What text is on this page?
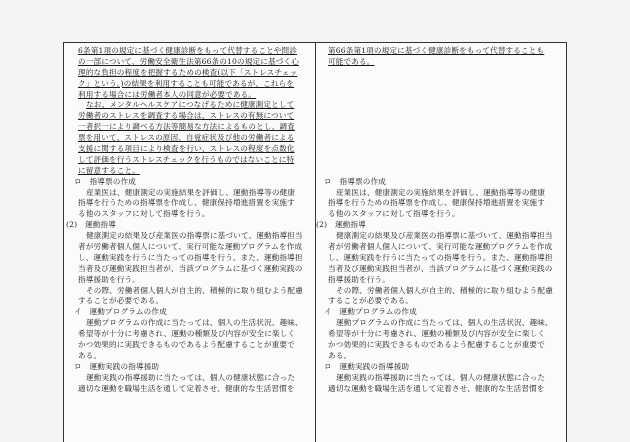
6条第1項の規定に基づく健康診断をもって代替することや問診
の一部について、労働安全衛生法第66条の10の規定に基づく心
理的な負担の程度を把握するための検査(以下「ストレスチェッ
ク」という。)の結果を利用することも可能であるが、これらを
利用する場合には労働者本人の同意が必要である。
なお、メンタルヘルスケアにつなげるために健康測定として
労働者のストレスを調査する場合は、ストレスの有無について
一者択一により調べる方法等簡易な方法によるものとし、調査
票を用いて、ストレスの原因、自覚症状及び他の労働者による
支援に関する項目により検査を行い、ストレスの程度を点数化
して評価を行うストレスチェックを行うものではないことに特
に留意すること。
ロ　指導票の作成
産業医は、健康測定の実施結果を評価し、運動指導等の健康
指導を行うための指導票を作成し、健康保持増進措置を実施す
る他のスタッフに対して指導を行う。
(2)　運動指導
健康測定の結果及び産業医の指導票に基づいて、運動指導担当
者が労働者個人個人について、実行可能な運動プログラムを作成
し、運動実践を行うに当たっての指導を行う。また、運動指導担
当者及び運動実践担当者が、当該プログラムに基づく運動実践の
指導援助を行う。
その際、労働者個人個人が自主的、積極的に取り組むよう配慮
することが必要である。
イ　運動プログラムの作成
運動プログラムの作成に当たっては、個人の生活状況、趣味、
希望等が十分に考慮され、運動の種類及び内容が安全に楽しく
かつ効果的に実践できるものであるよう配慮することが重要で
ある。
ロ　運動実践の指導援助
運動実践の指導援助に当たっては、個人の健康状態に合った
適切な運動を職場生活を通して定着させ、健康的な生活習慣を
第66条第1項の規定に基づく健康診断をもって代替することも
可能である。
ロ　指導票の作成
産業医は、健康測定の実施結果を評価し、運動指導等の健康
指導を行うための指導票を作成し、健康保持増進措置を実施す
る他のスタッフに対して指導を行う。
(2)　運動指導
健康測定の結果及び産業医の指導票に基づいて、運動指導担当
者が労働者個人個人について、実行可能な運動プログラムを作成
し、運動実践を行うに当たっての指導を行う。また、運動指導担
当者及び運動実践担当者が、当該プログラムに基づく運動実践の
指導援助を行う。
その際、労働者個人個人が自主的、積極的に取り組むよう配慮
することが必要である。
イ　運動プログラムの作成
運動プログラムの作成に当たっては、個人の生活状況、趣味、
希望等が十分に考慮され、運動の種類及び内容が安全に楽しく
かつ効果的に実践できるものであるよう配慮することが重要で
ある。
ロ　運動実践の指導援助
運動実践の指導援助に当たっては、個人の健康状態に合った
適切な運動を職場生活を通して定着させ、健康的な生活習慣を
